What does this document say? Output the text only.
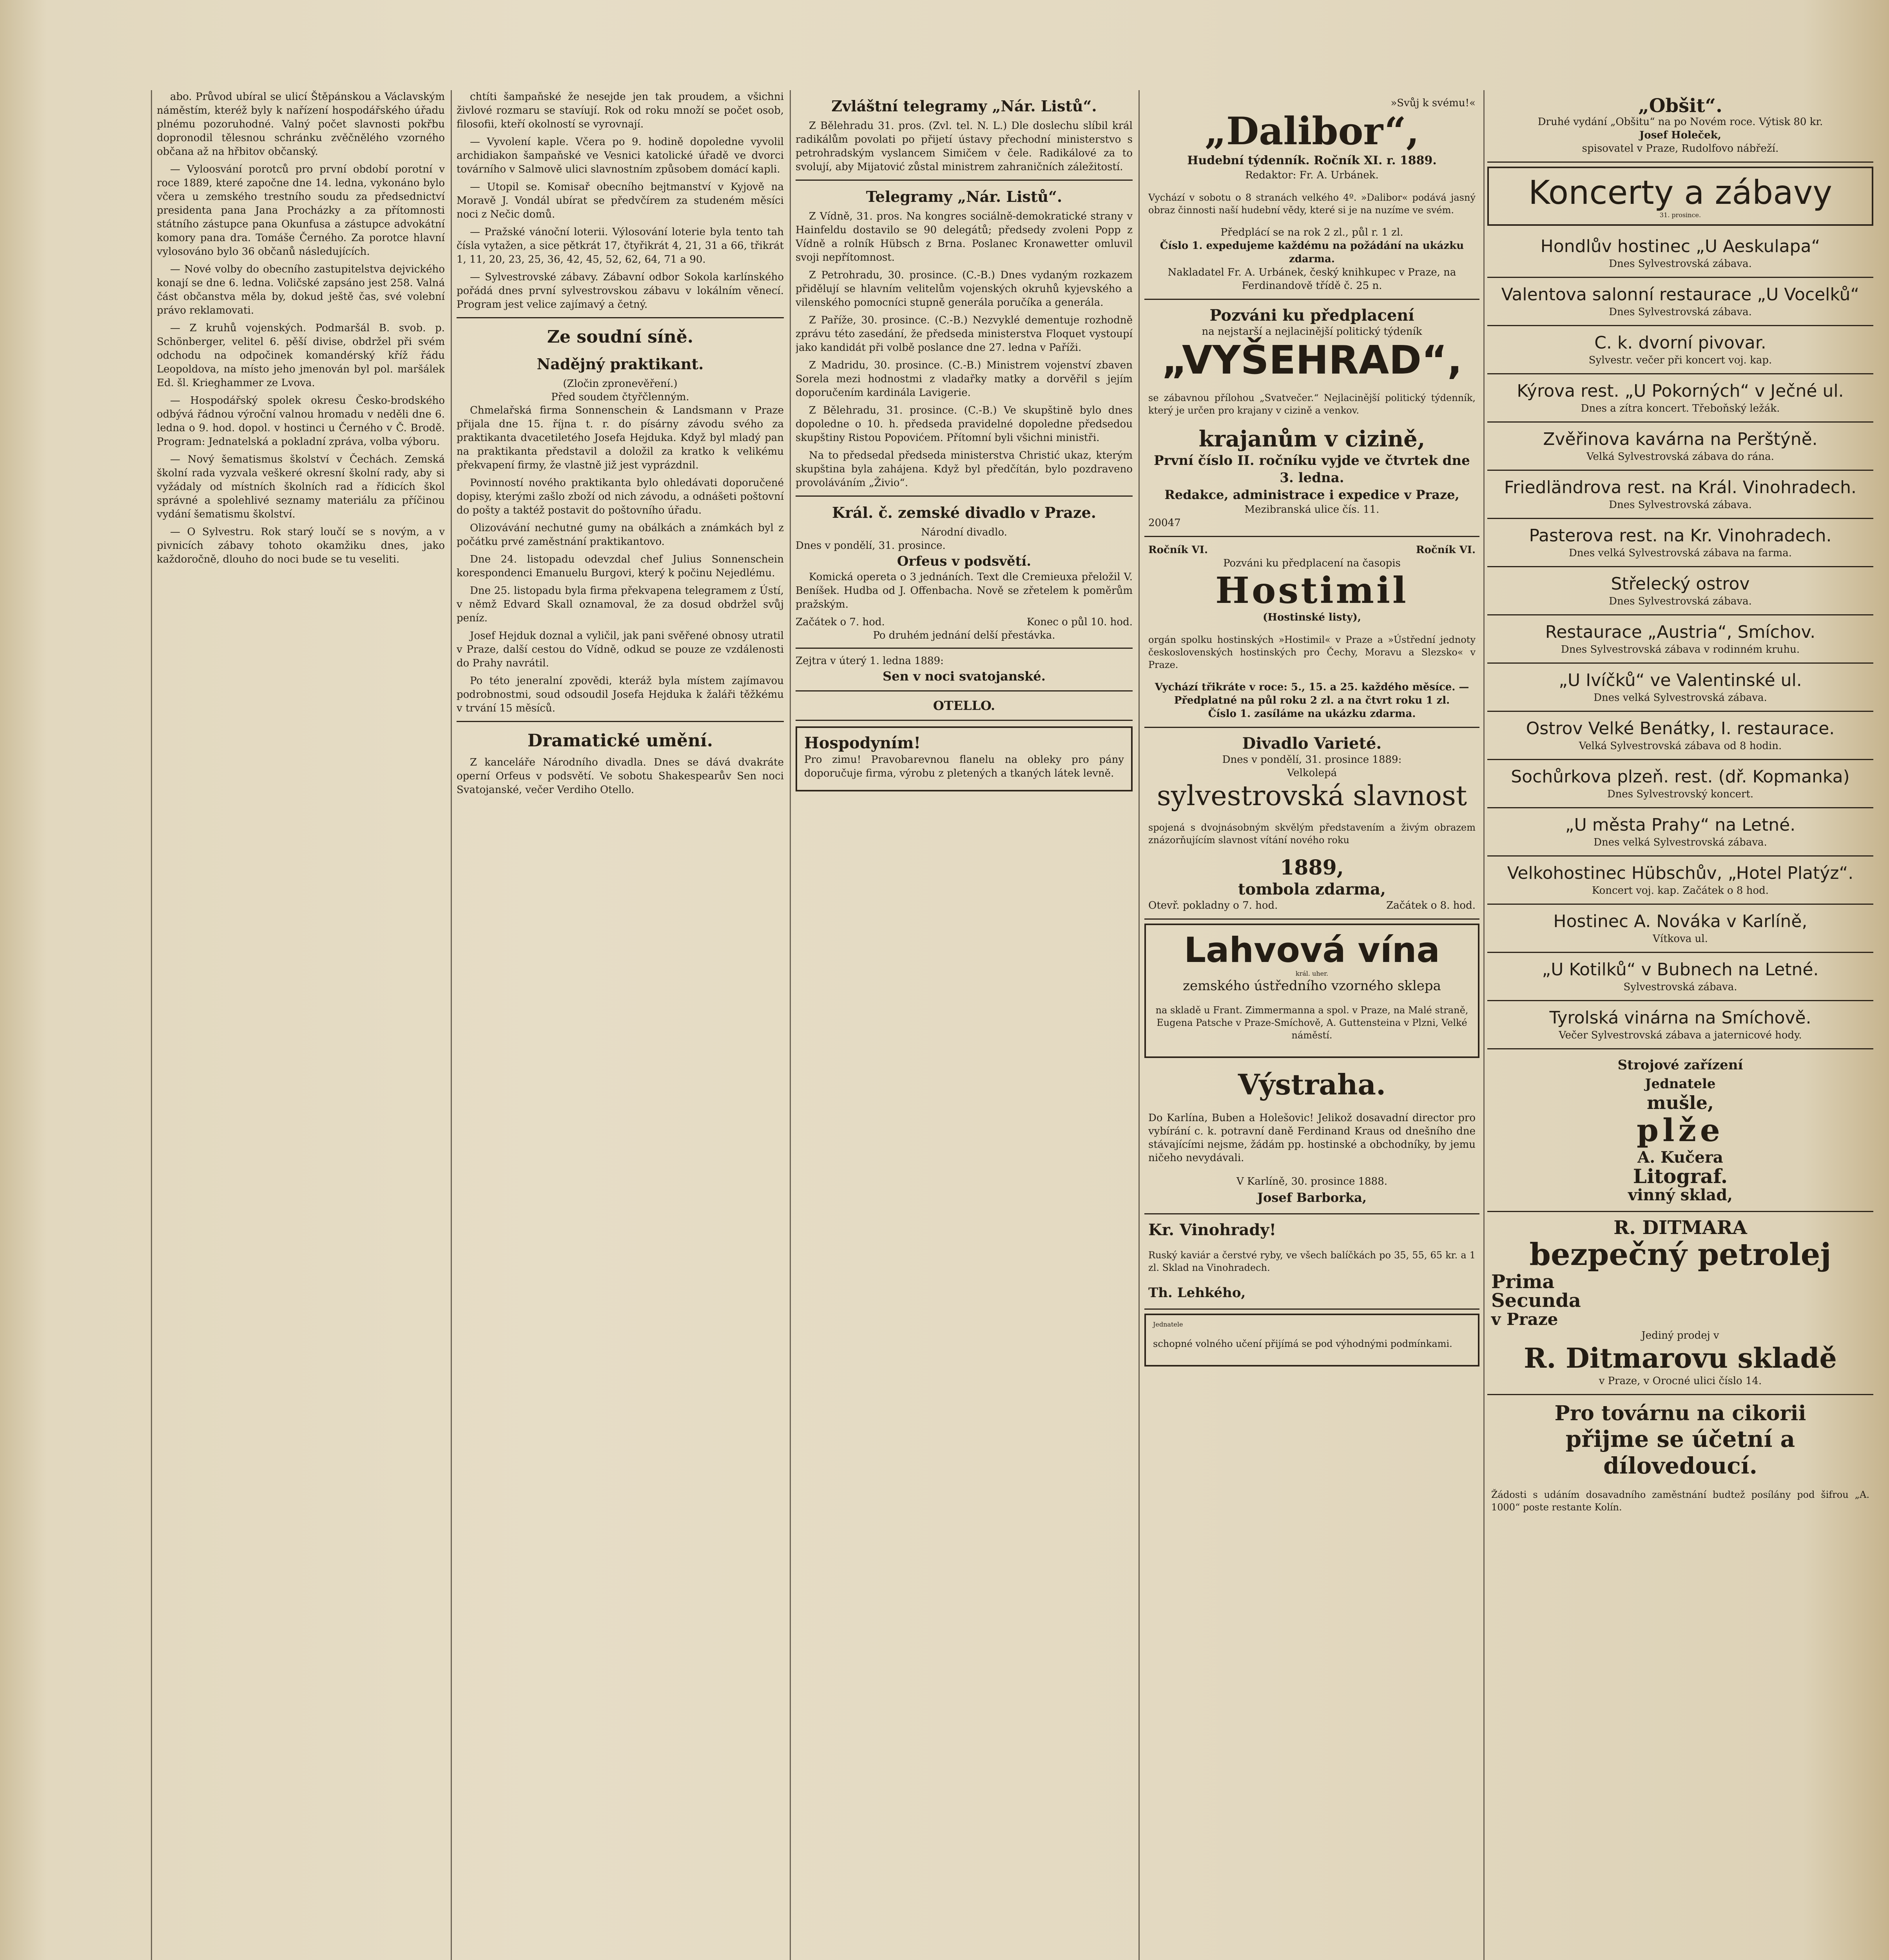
abo. Průvod ubíral se ulicí Štěpánskou a Václavským náměstím, kteréž byly k nařízení hospodářského úřadu plnému pozoruhodné. Valný počet slavnosti pokřbu dopronodil tělesnou schránku zvěčnělého vzorného občana až na hřbitov občanský.

— Vyloosvání porotců pro první období porotní v roce 1889, které započne dne 14. ledna, vykonáno bylo včera u zemského trestního soudu za předsednictví presidenta pana Jana Procházky a za přítomnosti státního zástupce pana Okunfusa a zástupce advokátní komory pana dra. Tomáše Černého. Za porotce hlavní vylosováno bylo 36 občanů následujících.

— Nové volby do obecního zastupitelstva dejvického konají se dne 6. ledna. Voličské zapsáno jest 258. Valná část občanstva měla by, dokud ještě čas, své volební právo reklamovati.

— Z kruhů vojenských. Podmaršál B. svob. p. Schönberger, velitel 6. pěší divise, obdržel při svém odchodu na odpočinek komandérský kříž řádu Leopoldova, na místo jeho jmenován byl pol. maršálek Ed. šl. Krieghammer ze Lvova.

— Hospodářský spolek okresu Česko-brodského odbývá řádnou výroční valnou hromadu v neděli dne 6. ledna o 9. hod. dopol. v hostinci u Černého v Č. Brodě. Program: Jednatelská a pokladní zpráva, volba výboru.

— Nový šematismus školství v Čechách. Zemská školní rada vyzvala veškeré okresní školní rady, aby si vyžádaly od místních školních rad a řídicích škol správné a spolehlivé seznamy materiálu za příčinou vydání šematismu školství.

— O Sylvestru. Rok starý loučí se s novým, a v pivnicích zábavy tohoto okamžiku dnes, jako každoročně, dlouho do noci bude se tu veseliti.

chtíti šampaňské že nesejde jen tak proudem, a všichni živlové rozmaru se stavíují. Rok od roku množí se počet osob, filosofii, kteří okolností se vyrovnají.

— Vyvolení kaple. Včera po 9. hodině dopoledne vyvolil archidiakon šampaňské ve Vesnici katolické úřadě ve dvorci továrního v Salmově ulici slavnostním způsobem domácí kapli.

— Utopil se. Komisař obecního bejtmanství v Kyjově na Moravě J. Vondál ubírat se předvčírem za studeném měsíci noci z Nečic domů.

— Pražské vánoční loterii. Výlosování loterie byla tento tah čísla vytažen, a sice pětkrát 17, čtyřikrát 4, 21, 31 a 66, třikrát 1, 11, 20, 23, 25, 36, 42, 45, 52, 62, 64, 71 a 90.

— Sylvestrovské zábavy. Zábavní odbor Sokola karlínského pořádá dnes první sylvestrovskou zábavu v lokálním věnecí. Program jest velice zajímavý a četný.

Ze soudní síně.
Nadějný praktikant.
(Zločin zpronevěření.)
Před soudem čtyřčlenným.

Chmelařská firma Sonnenschein & Landsmann v Praze přijala dne 15. října t. r. do písárny závodu svého za praktikanta dvacetiletého Josefa Hejduka. Když byl mladý pan na praktikanta představil a doložil za kratko k velikému překvapení firmy, že vlastně již jest vyprázdnil.

Povinností nového praktikanta bylo ohledávati doporučené dopisy, kterými zašlo zboží od nich závodu, a odnášeti poštovní do pošty a taktéž postavit do poštovního úřadu.

Olizovávání nechutné gumy na obálkách a známkách byl z počátku prvé zaměstnání praktikantovo.

Dne 24. listopadu odevzdal chef Julius Sonnenschein korespondenci Emanuelu Burgovi, který k počinu Nejedlému.

Dne 25. listopadu byla firma překvapena telegramem z Ústí, v němž Edvard Skall oznamoval, že za dosud obdržel svůj peníz.

Josef Hejduk doznal a vyličil, jak pani svěřené obnosy utratil v Praze, další cestou do Vídně, odkud se pouze ze vzdálenosti do Prahy navrátil.

Po této jeneralní zpovědi, kteráž byla místem zajímavou podrobnostmi, soud odsoudil Josefa Hejduka k žaláři těžkému v trvání 15 měsíců.

Dramatické umění.

Z kanceláře Národního divadla. Dnes se dává dvakráte operní Orfeus v podsvětí. Ve sobotu Shakespearův Sen noci Svatojanské, večer Verdiho Otello.

Zvláštní telegramy „Nár. Listů“.

Z Bělehradu 31. pros. (Zvl. tel. N. L.) Dle doslechu slíbil král radikálům povolati po přijetí ústavy přechodní ministerstvo s petrohradským vyslancem Simičem v čele. Radikálové za to svolují, aby Mijatović zůstal ministrem zahraničních záležitostí.

Telegramy „Nár. Listů“.

Z Vídně, 31. pros. Na kongres sociálně-demokratické strany v Hainfeldu dostavilo se 90 delegátů; předsedy zvoleni Popp z Vídně a rolník Hübsch z Brna. Poslanec Kronawetter omluvil svoji nepřítomnost.

Z Petrohradu, 30. prosince. (C.-B.) Dnes vydaným rozkazem přidělují se hlavním velitelům vojenských okruhů kyjevského a vilenského pomocníci stupně generála poručíka a generála.

Z Paříže, 30. prosince. (C.-B.) Nezvyklé dementuje rozhodně zprávu této zasedání, že předseda ministerstva Floquet vystoupí jako kandidát při volbě poslance dne 27. ledna v Paříži.

Z Madridu, 30. prosince. (C.-B.) Ministrem vojenství zbaven Sorela mezi hodnostmi z vladařky matky a dorvěřil s jejím doporučením kardinála Lavigerie.

Z Bělehradu, 31. prosince. (C.-B.) Ve skupštině bylo dnes dopoledne o 10. h. předseda pravidelné dopoledne předsedou skupštiny Ristou Popovićem. Přítomní byli všichni ministři.

Na to předsedal předseda ministerstva Christić ukaz, kterým skupština byla zahájena. Když byl předčítán, bylo pozdraveno provoláváním „Živio“.

Král. č. zemské divadlo v Praze.
Národní divadlo.
Dnes v pondělí, 31. prosince.
Orfeus v podsvětí.

Komická opereta o 3 jednáních. Text dle Cremieuxa přeložil V. Beníšek. Hudba od J. Offenbacha. Nově se zřetelem k poměrům pražským.

Začátek o 7. hod.	Konec o půl 10. hod.
Po druhém jednání delší přestávka.
Zejtra v úterý 1. ledna 1889:
Sen v noci svatojanské.
OTELLO.
Hospodyním!

Pro zimu! Pravobarevnou flanelu na obleky pro pány doporučuje firma, výrobu z pletených a tkaných látek levně.

»Svůj k svému!«
„Dalibor“,
Hudební týdenník. Ročník XI. r. 1889.
Redaktor: Fr. A. Urbánek.

Vychází v sobotu o 8 stranách velkého 4º. »Dalibor« podává jasný obraz činnosti naší hudební vědy, které si je na nuzíme ve svém.

Předplácí se na rok 2 zl., půl r. 1 zl.
Číslo 1. expedujeme každému na požádání na ukázku zdarma.
Nakladatel Fr. A. Urbánek, český knihkupec v Praze, na Ferdinandově třídě č. 25 n.
Pozváni ku předplacení
na nejstarší a nejlacinější politický týdeník
„VYŠEHRAD“,

se zábavnou přílohou „Svatvečer.“ Nejlacinější politický týdenník, který je určen pro krajany v cizině a venkov.

krajanům v cizině,
První číslo II. ročníku vyjde ve čtvrtek dne 3. ledna.
Redakce, administrace i expedice v Praze,
Mezibranská ulice čís. 11.
20047
Ročník VI.	Ročník VI.
Pozváni ku předplacení na časopis
Hostimil
(Hostinské listy),

orgán spolku hostinských »Hostimil« v Praze a »Ústřední jednoty československých hostinských pro Čechy, Moravu a Slezsko« v Praze.

Vychází třikráte v roce: 5., 15. a 25. každého měsíce. — Předplatné na půl roku 2 zl. a na čtvrt roku 1 zl.
Číslo 1. zasíláme na ukázku zdarma.
Divadlo Varieté.
Dnes v pondělí, 31. prosince 1889:
Velkolepá
sylvestrovská slavnost

spojená s dvojnásobným skvělým představením a živým obrazem znázorňujícím slavnost vítání nového roku

1889,
tombola zdarma,
Otevř. pokladny o 7. hod.	Začátek o 8. hod.
Lahvová vína
král. uher.
zemského ústředního vzorného sklepa

na skladě u Frant. Zimmermanna a spol. v Praze, na Malé straně, Eugena Patsche v Praze-Smíchově, A. Guttensteina v Plzni, Velké náměstí.

Výstraha.

Do Karlína, Buben a Holešovic! Jelikož dosavadní director pro vybírání c. k. potravní daně Ferdinand Kraus od dnešního dne stávajícími nejsme, žádám pp. hostinské a obchodníky, by jemu ničeho nevydávali.

V Karlíně, 30. prosince 1888.
Josef Barborka,
Kr. Vinohrady!

Ruský kaviár a čerstvé ryby, ve všech balíčkách po 35, 55, 65 kr. a 1 zl. Sklad na Vinohradech.

Th. Lehkého,
Jednatele

schopné volného učení přijímá se pod výhodnými podmínkami.

„Obšit“.
Druhé vydání „Obšitu“ na po Novém roce. Výtisk 80 kr.
Josef Holeček,
spisovatel v Praze, Rudolfovo nábřeží.
Koncerty a zábavy
31. prosince.
Hondlův hostinec „U Aeskulapa“
Dnes Sylvestrovská zábava.
Valentova salonní restaurace „U Vocelků“
Dnes Sylvestrovská zábava.
C. k. dvorní pivovar.
Sylvestr. večer při koncert voj. kap.
Kýrova rest. „U Pokorných“ v Ječné ul.
Dnes a zítra koncert. Třeboňský ležák.
Zvěřinova kavárna na Perštýně.
Velká Sylvestrovská zábava do rána.
Friedländrova rest. na Král. Vinohradech.
Dnes Sylvestrovská zábava.
Pasterova rest. na Kr. Vinohradech.
Dnes velká Sylvestrovská zábava na farma.
Střelecký ostrov
Dnes Sylvestrovská zábava.
Restaurace „Austria“, Smíchov.
Dnes Sylvestrovská zábava v rodinném kruhu.
„U Ivíčků“ ve Valentinské ul.
Dnes velká Sylvestrovská zábava.
Ostrov Velké Benátky, I. restaurace.
Velká Sylvestrovská zábava od 8 hodin.
Sochůrkova plzeň. rest. (dř. Kopmanka)
Dnes Sylvestrovský koncert.
„U města Prahy“ na Letné.
Dnes velká Sylvestrovská zábava.
Velkohostinec Hübschův, „Hotel Platýz“.
Koncert voj. kap. Začátek o 8 hod.
Hostinec A. Nováka v Karlíně,
Vítkova ul.
„U Kotilků“ v Bubnech na Letné.
Sylvestrovská zábava.
Tyrolská vinárna na Smíchově.
Večer Sylvestrovská zábava a jaternicové hody.
Strojové zařízení
Jednatele
mušle,
plže
A. Kučera
Litograf.
vinný sklad,
R. DITMARA
bezpečný petrolej
Prima
Secunda
v Praze
Jediný prodej v
R. Ditmarovu skladě
v Praze, v Orocné ulici číslo 14.
Pro továrnu na cikorii
přijme se účetní a dílovedoucí.

Žádosti s udáním dosavadního zaměstnání budtež posílány pod šifrou „A. 1000“ poste restante Kolín.
